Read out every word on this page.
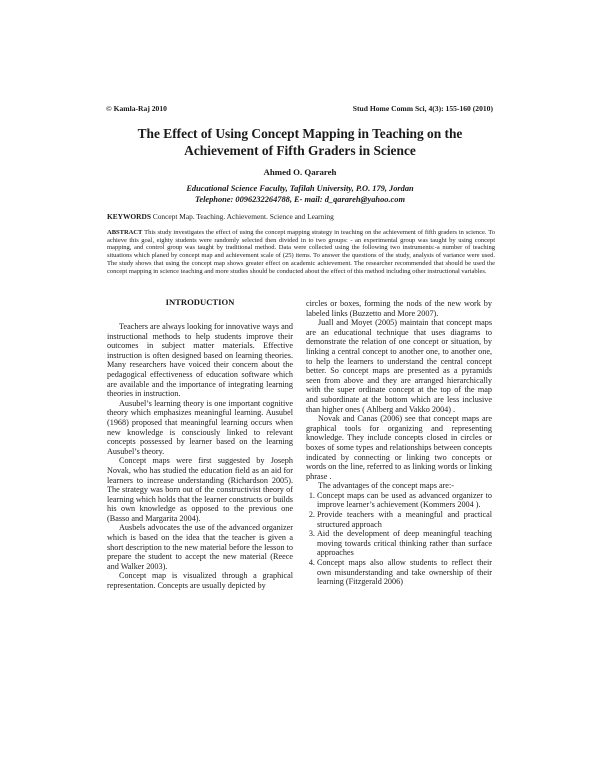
© Kamla-Raj 2010	Stud Home Comm Sci, 4(3): 155-160 (2010)
The Effect of Using Concept Mapping in Teaching on the Achievement of Fifth Graders in Science
Ahmed O. Qarareh
Educational Science Faculty, Tafilah University, P.O. 179, Jordan
Telephone: 0096232264788, E- mail: d_qarareh@yahoo.com
KEYWORDS Concept Map. Teaching. Achievement. Science and Learning
ABSTRACT This study investigates the effect of using the concept mapping strategy in teaching on the achievement of fifth graders in science. To achieve this goal, eighty students were randomly selected then divided in to two groups: - an experimental group was taught by using concept mapping, and control group was taught by traditional method. Data were collected using the following two instruments:-a number of teaching situations which planed by concept map and achievement scale of (25) items. To answer the questions of the study, analysis of variance were used. The study shows that using the concept map shows greater effect on academic achievement. The researcher recommended that should be used the concept mapping in science teaching and more studies should be conducted about the effect of this method including other instructional variables.
INTRODUCTION

Teachers are always looking for innovative ways and instructional methods to help students improve their outcomes in subject matter materials. Effective instruction is often designed based on learning theories. Many researchers have voiced their concern about the pedagogical effectiveness of education software which are available and the importance of integrating learning theories in instruction.

Ausubel’s learning theory is one important cognitive theory which emphasizes meaningful learning. Ausubel (1968) proposed that meaningful learning occurs when new knowledge is consciously linked to relevant concepts possessed by learner based on the learning Ausubel’s theory.

Concept maps were first suggested by Joseph Novak, who has studied the education field as an aid for learners to increase understanding (Richardson 2005). The strategy was born out of the constructivist theory of learning which holds that the learner constructs or builds his own knowledge as opposed to the previous one (Basso and Margarita 2004).

Ausbels advocates the use of the advanced organizer which is based on the idea that the teacher is given a short description to the new material before the lesson to prepare the student to accept the new material (Reece and Walker 2003).

Concept map is visualized through a graphical representation. Concepts are usually depicted by

circles or boxes, forming the nods of the new work by labeled links (Buzzetto and More 2007).

Juall and Moyet (2005) maintain that concept maps are an educational technique that uses diagrams to demonstrate the relation of one concept or situation, by linking a central concept to another one, to another one, to help the learners to understand the central concept better. So concept maps are presented as a pyramids seen from above and they are arranged hierarchically with the super ordinate concept at the top of the map and subordinate at the bottom which are less inclusive than higher ones ( Ahlberg and Vakko 2004) .

Novak and Canas (2006) see that concept maps are graphical tools for organizing and representing knowledge. They include concepts closed in circles or boxes of some types and relationships between concepts indicated by connecting or linking two concepts or words on the line, referred to as linking words or linking phrase .

The advantages of the concept maps are:-

1. Concept maps can be used as advanced organizer to improve learner’s achievement (Kommers 2004 ).
2. Provide teachers with a meaningful and practical structured approach
3. Aid the development of deep meaningful teaching moving towards critical thinking rather than surface approaches
4. Concept maps also allow students to reflect their own misunderstanding and take ownership of their learning (Fitzgerald 2006)
